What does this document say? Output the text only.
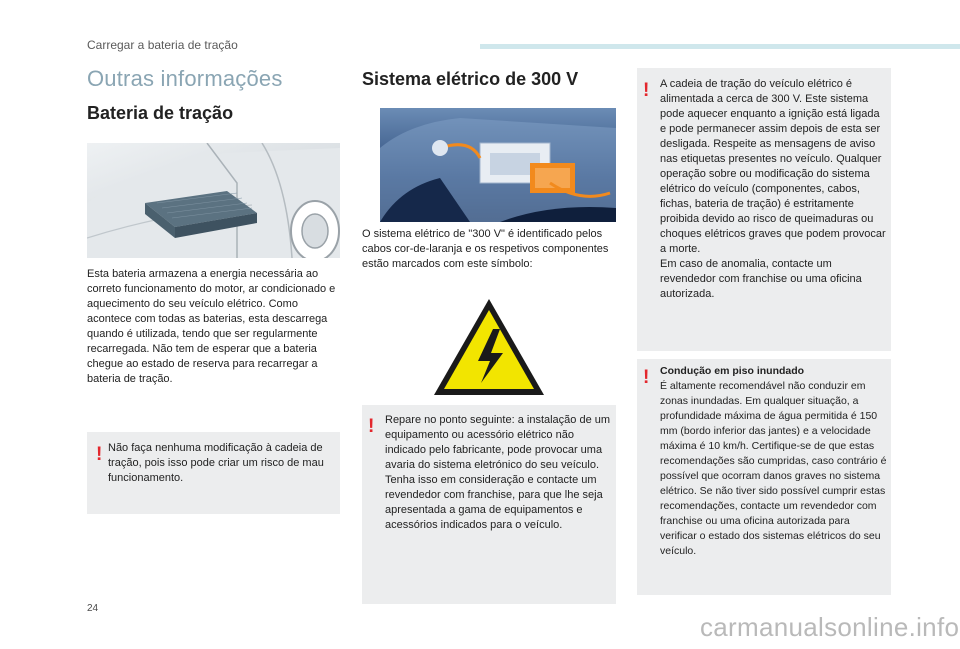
Carregar a bateria de tração
Outras informações
Bateria de tração
Sistema elétrico de 300 V
Esta bateria armazena a energia necessária ao correto funcionamento do motor, ar condicionado e aquecimento do seu veículo elétrico. Como acontece com todas as baterias, esta descarrega quando é utilizada, tendo que ser regularmente recarregada. Não tem de esperar que a bateria chegue ao estado de reserva para recarregar a bateria de tração.
O sistema elétrico de "300 V" é identificado pelos cabos cor-de-laranja e os respetivos componentes estão marcados com este símbolo:
! Não faça nenhuma modificação à cadeia de tração, pois isso pode criar um risco de mau funcionamento.
! Repare no ponto seguinte: a instalação de um equipamento ou acessório elétrico não indicado pelo fabricante, pode provocar uma avaria do sistema eletrónico do seu veículo. Tenha isso em consideração e contacte um revendedor com franchise, para que lhe seja apresentada a gama de equipamentos e acessórios indicados para o veículo.
! A cadeia de tração do veículo elétrico é alimentada a cerca de 300 V. Este sistema pode aquecer enquanto a ignição está ligada e pode permanecer assim depois de esta ser desligada. Respeite as mensagens de aviso nas etiquetas presentes no veículo. Qualquer operação sobre ou modificação do sistema elétrico do veículo (componentes, cabos, fichas, bateria de tração) é estritamente proibida devido ao risco de queimaduras ou choques elétricos graves que podem provocar a morte.
Em caso de anomalia, contacte um revendedor com franchise ou uma oficina autorizada.
! Condução em piso inundado
É altamente recomendável não conduzir em zonas inundadas. Em qualquer situação, a profundidade máxima de água permitida é 150 mm (bordo inferior das jantes) e a velocidade máxima é 10 km/h. Certifique-se de que estas recomendações são cumpridas, caso contrário é possível que ocorram danos graves no sistema elétrico. Se não tiver sido possível cumprir estas recomendações, contacte um revendedor com franchise ou uma oficina autorizada para verificar o estado dos sistemas elétricos do seu veículo.
24
carmanualsonline.info
